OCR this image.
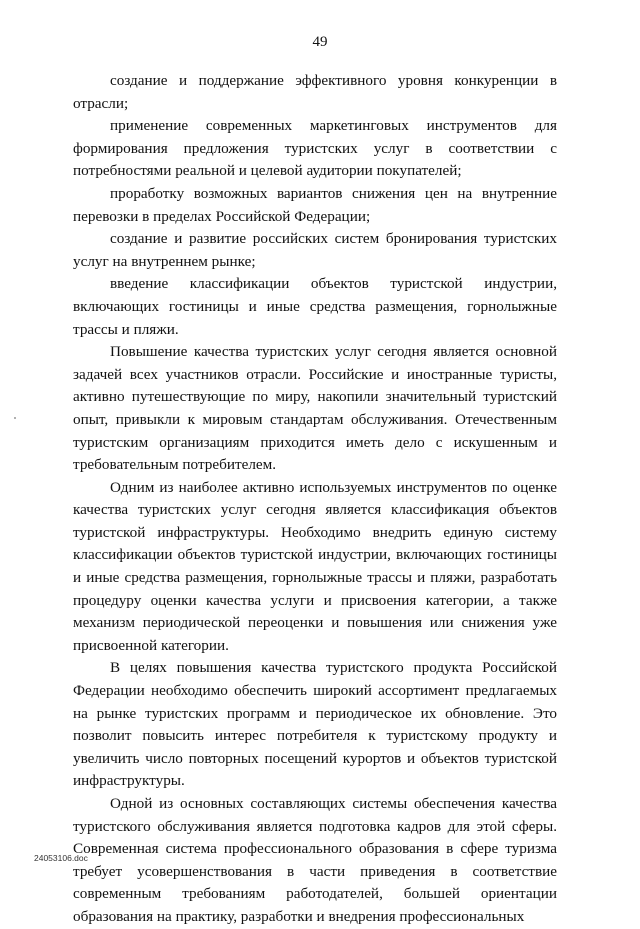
49

создание и поддержание эффективного уровня конкуренции в отрасли;

применение современных маркетинговых инструментов для формирования предложения туристских услуг в соответствии с потребностями реальной и целевой аудитории покупателей;

проработку возможных вариантов снижения цен на внутренние перевозки в пределах Российской Федерации;

создание и развитие российских систем бронирования туристских услуг на внутреннем рынке;

введение классификации объектов туристской индустрии, включающих гостиницы и иные средства размещения, горнолыжные трассы и пляжи.

Повышение качества туристских услуг сегодня является основной задачей всех участников отрасли. Российские и иностранные туристы, активно путешествующие по миру, накопили значительный туристский опыт, привыкли к мировым стандартам обслуживания. Отечественным туристским организациям приходится иметь дело с искушенным и требовательным потребителем.

Одним из наиболее активно используемых инструментов по оценке качества туристских услуг сегодня является классификация объектов туристской инфраструктуры. Необходимо внедрить единую систему классификации объектов туристской индустрии, включающих гостиницы и иные средства размещения, горнолыжные трассы и пляжи, разработать процедуру оценки качества услуги и присвоения категории, а также механизм периодической переоценки и повышения или снижения уже присвоенной категории.

В целях повышения качества туристского продукта Российской Федерации необходимо обеспечить широкий ассортимент предлагаемых на рынке туристских программ и периодическое их обновление. Это позволит повысить интерес потребителя к туристскому продукту и увеличить число повторных посещений курортов и объектов туристской инфраструктуры.

Одной из основных составляющих системы обеспечения качества туристского обслуживания является подготовка кадров для этой сферы. Современная система профессионального образования в сфере туризма требует усовершенствования в части приведения в соответствие современным требованиям работодателей, большей ориентации образования на практику, разработки и внедрения профессиональных

24053106.doc
